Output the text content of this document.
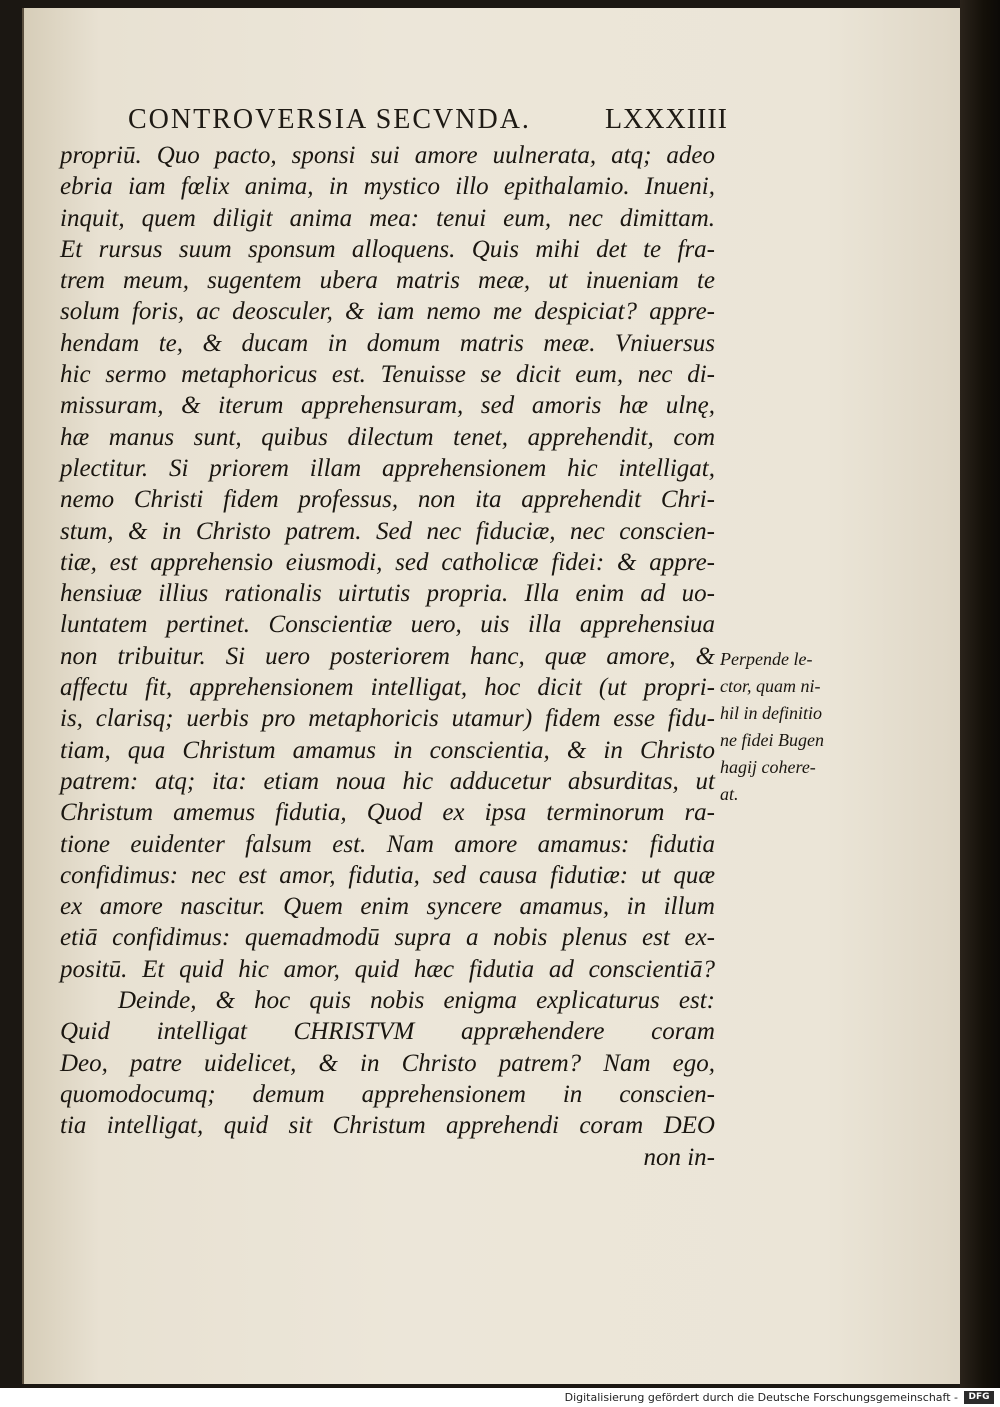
CONTROVERSIA SECVNDA.	LXXXIIII
propriū. Quo pacto, sponsi sui amore uulnerata, atq; adeo
ebria iam fœlix anima, in mystico illo epithalamio. Inueni,
inquit, quem diligit anima mea: tenui eum, nec dimittam.
Et rursus suum sponsum alloquens. Quis mihi det te fra-
trem meum, sugentem ubera matris meæ, ut inueniam te
solum foris, ac deosculer, & iam nemo me despiciat? appre-
hendam te, & ducam in domum matris meæ. Vniuersus
hic sermo metaphoricus est. Tenuisse se dicit eum, nec di-
missuram, & iterum apprehensuram, sed amoris hæ ulnę,
hæ manus sunt, quibus dilectum tenet, apprehendit, com
plectitur. Si priorem illam apprehensionem hic intelligat,
nemo Christi fidem professus, non ita apprehendit Chri-
stum, & in Christo patrem. Sed nec fiduciæ, nec conscien-
tiæ, est apprehensio eiusmodi, sed catholicæ fidei: & appre-
hensiuæ illius rationalis uirtutis propria. Illa enim ad uo-
luntatem pertinet. Conscientiæ uero, uis illa apprehensiua
non tribuitur. Si uero posteriorem hanc, quæ amore, &
affectu fit, apprehensionem intelligat, hoc dicit (ut propri-
is, clarisq; uerbis pro metaphoricis utamur) fidem esse fidu-
tiam, qua Christum amamus in conscientia, & in Christo
patrem: atq; ita: etiam noua hic adducetur absurditas, ut
Christum amemus fidutia, Quod ex ipsa terminorum ra-
tione euidenter falsum est. Nam amore amamus: fidutia
confidimus: nec est amor, fidutia, sed causa fidutiæ: ut quæ
ex amore nascitur. Quem enim syncere amamus, in illum
etiā confidimus: quemadmodū supra a nobis plenus est ex-
positū. Et quid hic amor, quid hæc fidutia ad conscientiā?
Deinde, & hoc quis nobis enigma explicaturus est:
Quid intelligat CHRISTVM appræhendere coram
Deo, patre uidelicet, & in Christo patrem? Nam ego,
quomodocumq; demum apprehensionem in conscien-
tia intelligat, quid sit Christum apprehendi coram DEO
non in-
Perpende le-
ctor, quam ni-
hil in definitio
ne fidei Bugen
hagij cohere-
at.
Digitalisierung gefördert durch die Deutsche Forschungsgemeinschaft -	DFG
